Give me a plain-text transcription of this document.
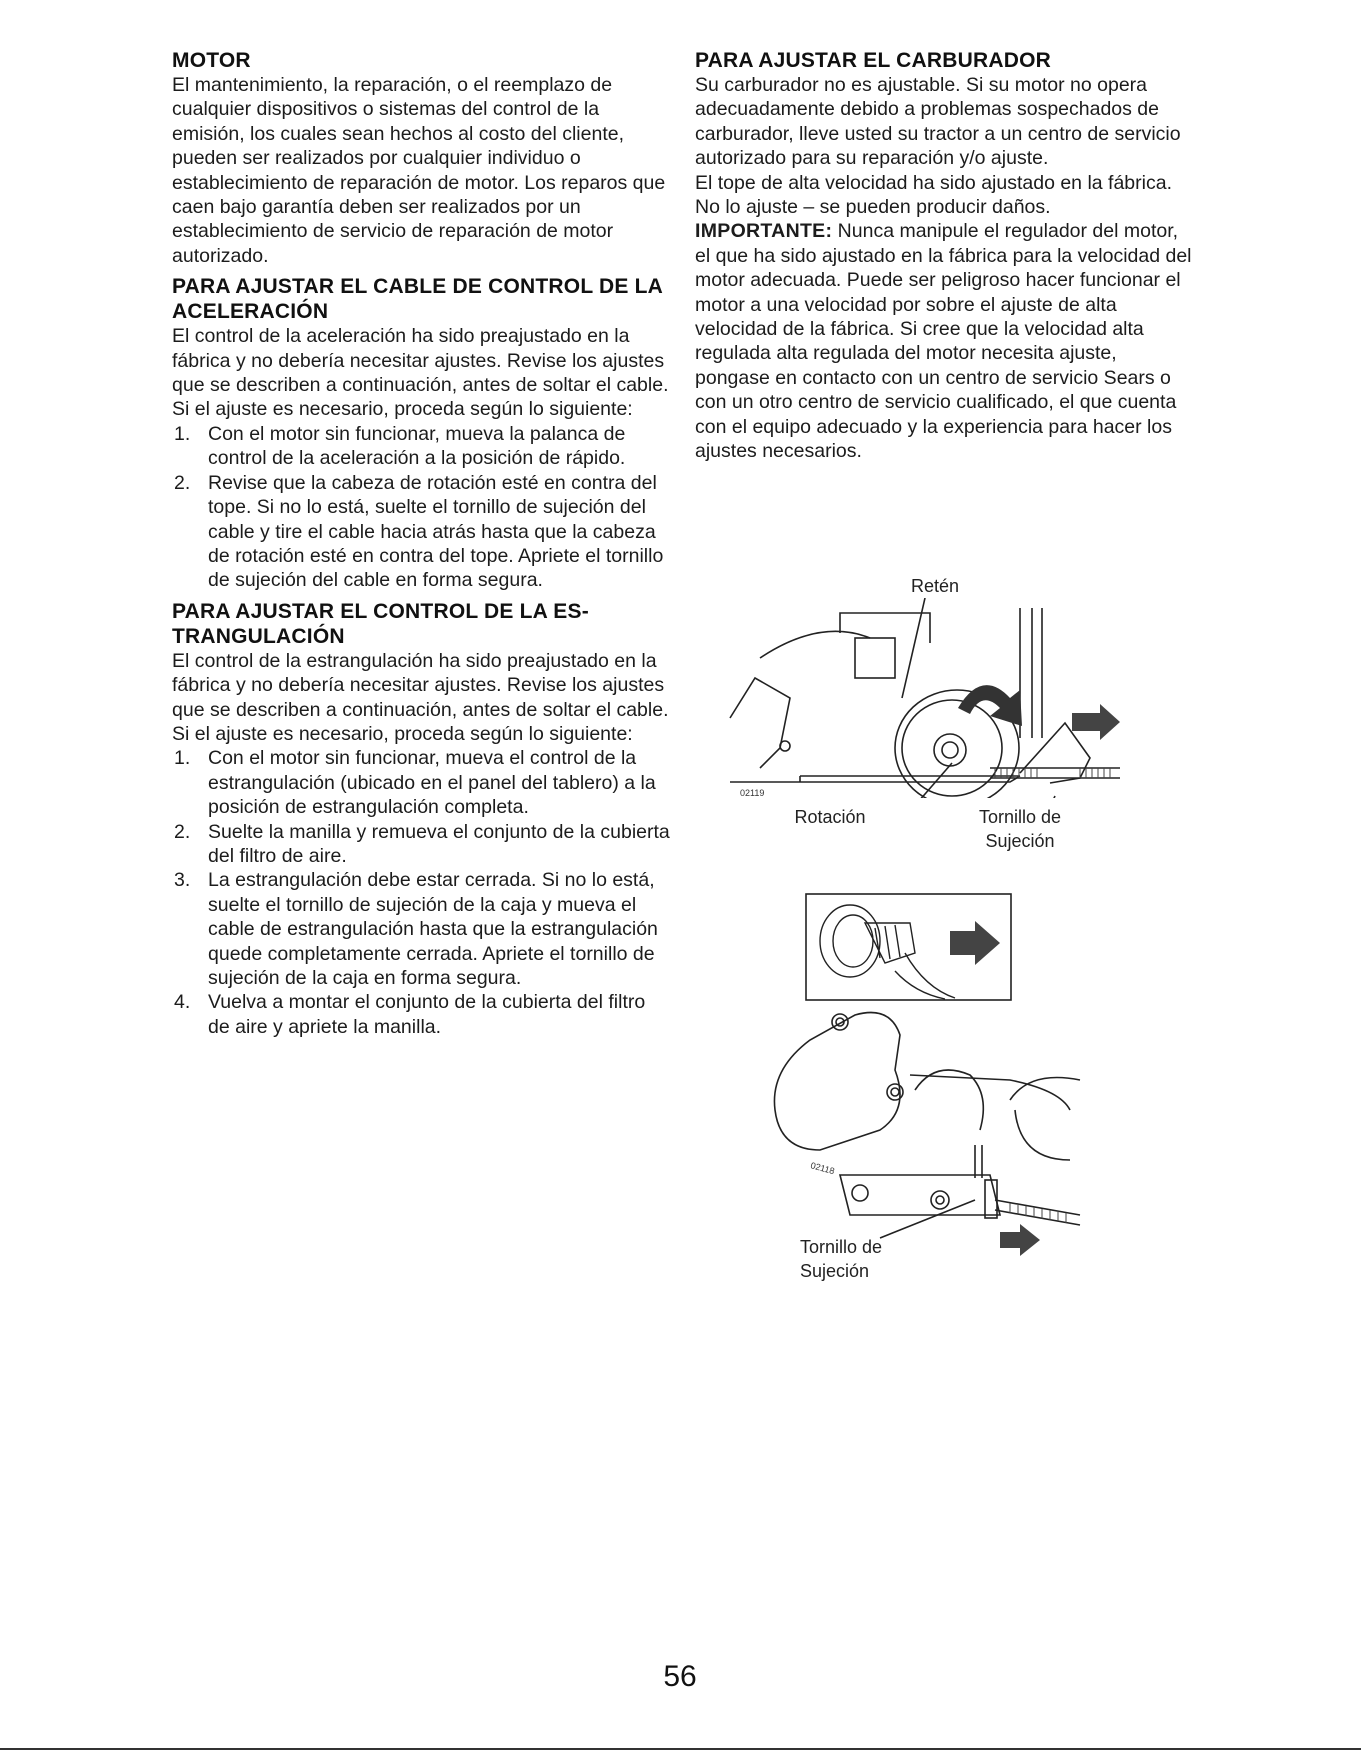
MOTOR

El mantenimiento, la reparación, o el reemplazo de cualquier dispositivos o sistemas del control de la emisión, los cuales sean hechos al costo del cliente, pueden ser realizados por cualquier individuo o establecimiento de reparación de motor. Los reparos que caen bajo garantía deben ser realizados por un establecimiento de servicio de reparación de motor autorizado.

PARA AJUSTAR EL CABLE DE CONTROL DE LA ACELERACIÓN

El control de la aceleración ha sido preajustado en la fábrica y no debería necesitar ajustes. Revise los ajustes que se describen a continuación, antes de soltar el cable. Si el ajuste es necesario, proceda según lo siguiente:

1. Con el motor sin funcionar, mueva la palanca de control de la aceleración a la posición de rápido.
2. Revise que la cabeza de rotación esté en contra del tope. Si no lo está, suelte el tornillo de sujeción del cable y tire el cable hacia atrás hasta que la cabeza de rotación esté en contra del tope. Apriete el tornillo de sujeción del cable en forma segura.
PARA AJUSTAR EL CONTROL DE LA ES-TRANGULACIÓN

El control de la estrangulación ha sido preajustado en la fábrica y no debería necesitar ajustes. Revise los ajustes que se describen a continuación, antes de soltar el cable. Si el ajuste es necesario, proceda según lo siguiente:

1. Con el motor sin funcionar, mueva el control de la estrangulación (ubicado en el panel del tablero) a la posición de estrangulación completa.
2. Suelte la manilla y remueva el conjunto de la cubierta del filtro de aire.
3. La estrangulación debe estar cerrada. Si no lo está, suelte el tornillo de sujeción de la caja y mueva el cable de estrangulación hasta que la estrangulación quede completamente cerrada. Apriete el tornillo de sujeción de la caja en forma segura.
4. Vuelva a montar el conjunto de la cubierta del filtro de aire y apriete la manilla.
PARA AJUSTAR EL CARBURADOR

Su carburador no es ajustable. Si su motor no opera adecuadamente debido a problemas sospechados de carburador, lleve usted su tractor a un centro de servicio autorizado para su reparación y/o ajuste.

El tope de alta velocidad ha sido ajustado en la fábrica. No lo ajuste – se pueden producir daños.

IMPORTANTE: Nunca manipule el regulador del motor, el que ha sido ajustado en la fábrica para la velocidad del motor adecuada. Puede ser peligroso hacer funcionar el motor a una velocidad por sobre el ajuste de alta velocidad de la fábrica. Si cree que la velocidad alta regulada alta regulada del motor necesita ajuste, pongase en contacto con un centro de servicio Sears o con un otro centro de servicio cualificado, el que cuenta con el equipo adecuado y la experiencia para hacer los ajustes necesarios.

Retén
02119
Rotación	Tornillo de
Sujeción
02118
Tornillo de
Sujeción
56
